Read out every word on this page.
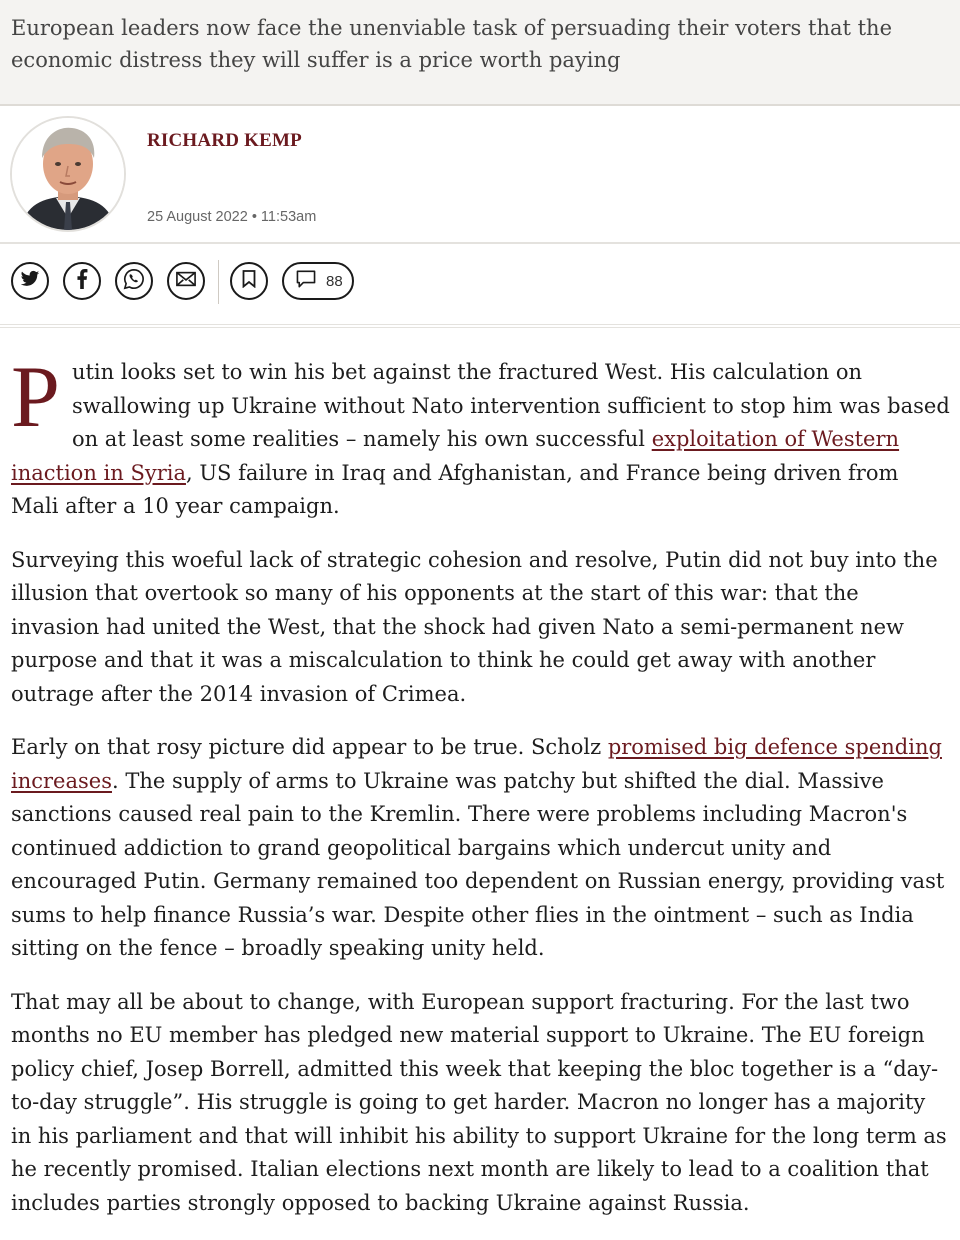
European leaders now face the unenviable task of persuading their voters that the economic distress they will suffer is a price worth paying
RICHARD KEMP
25 August 2022 • 11:53am
88

Putin looks set to win his bet against the fractured West. His calculation on swallowing up Ukraine without Nato intervention sufficient to stop him was based on at least some realities – namely his own successful exploitation of Western inaction in Syria, US failure in Iraq and Afghanistan, and France being driven from Mali after a 10 year campaign.

Surveying this woeful lack of strategic cohesion and resolve, Putin did not buy into the illusion that overtook so many of his opponents at the start of this war: that the invasion had united the West, that the shock had given Nato a semi-permanent new purpose and that it was a miscalculation to think he could get away with another outrage after the 2014 invasion of Crimea.

Early on that rosy picture did appear to be true. Scholz promised big defence spending increases. The supply of arms to Ukraine was patchy but shifted the dial. Massive sanctions caused real pain to the Kremlin. There were problems including Macron's continued addiction to grand geopolitical bargains which undercut unity and encouraged Putin. Germany remained too dependent on Russian energy, providing vast sums to help finance Russia’s war. Despite other flies in the ointment – such as India sitting on the fence – broadly speaking unity held.

That may all be about to change, with European support fracturing. For the last two months no EU member has pledged new material support to Ukraine. The EU foreign policy chief, Josep Borrell, admitted this week that keeping the bloc together is a “day-to-day struggle”. His struggle is going to get harder. Macron no longer has a majority in his parliament and that will inhibit his ability to support Ukraine for the long term as he recently promised. Italian elections next month are likely to lead to a coalition that includes parties strongly opposed to backing Ukraine against Russia.
